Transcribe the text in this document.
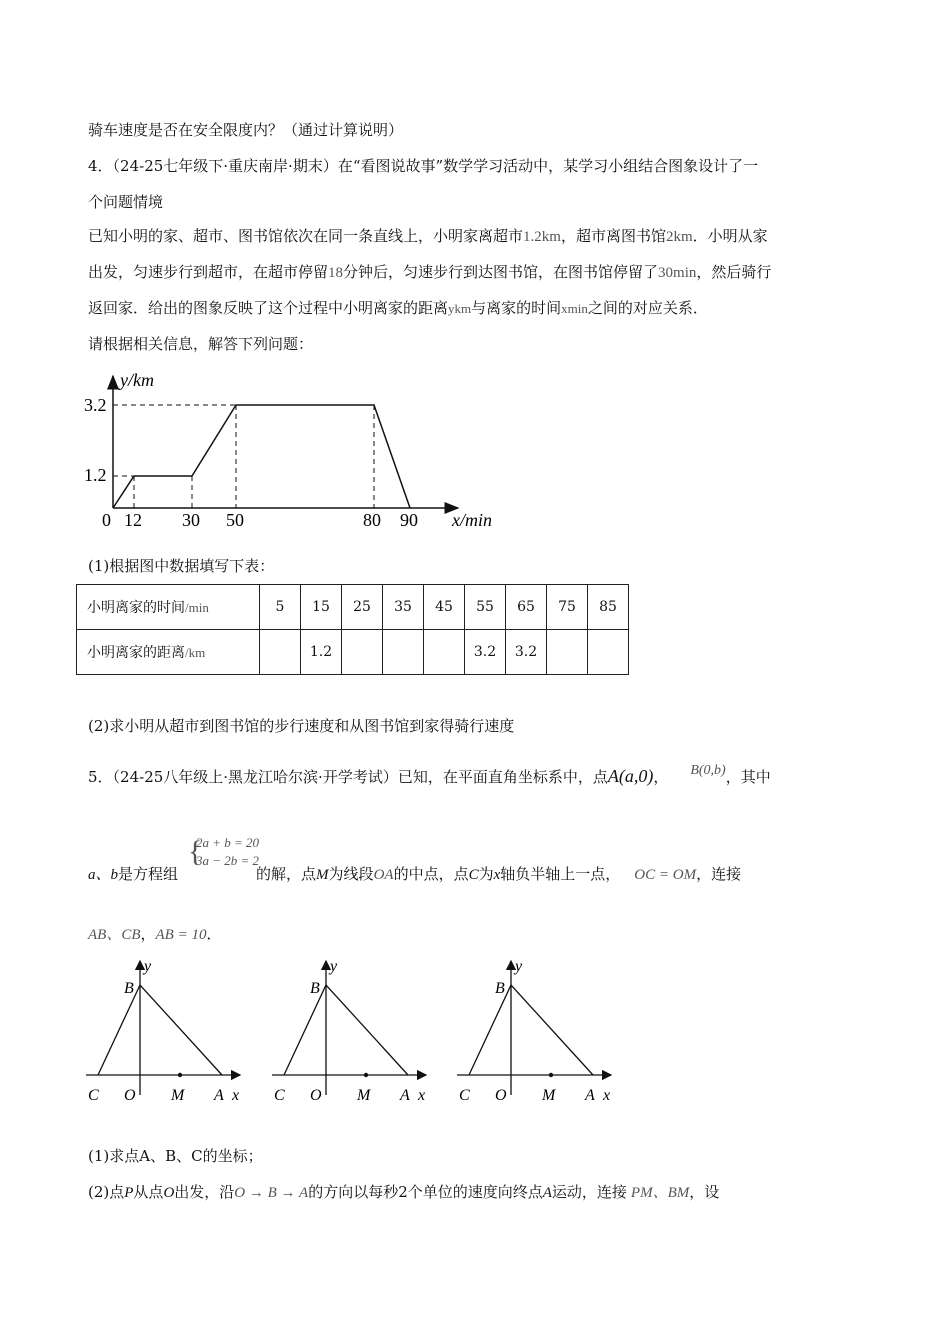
骑车速度是否在安全限度内？（通过计算说明）
4．（24-25七年级下·重庆南岸·期末）在“看图说故事”数学学习活动中，某学习小组结合图象设计了一
个问题情境
已知小明的家、超市、图书馆依次在同一条直线上，小明家离超市1.2km，超市离图书馆2km．小明从家
出发，匀速步行到超市，在超市停留18分钟后，匀速步行到达图书馆，在图书馆停留了30min，然后骑行
返回家．给出的图象反映了这个过程中小明离家的距离ykm与离家的时间xmin之间的对应关系．
请根据相关信息，解答下列问题：
y/km
x/min
3.2
1.2
0 12 30 50	80 90
(1)根据图中数据填写下表：
小明离家的时间/min	5	15	25	35	45	55	65	75	85
小明离家的距离/km		1.2				3.2	3.2		
(2)求小明从超市到图书馆的步行速度和从图书馆到家得骑行速度
5．（24-25八年级上·黑龙江哈尔滨·开学考试）已知，在平面直角坐标系中，点A(a,0)， B(0,b)，其中
{
2a + b = 20
3a − 2b = 2
a、b是方程组	的解，点M为线段OA的中点，点C为x轴负半轴上一点， OC = OM，连接
AB、CB，AB = 10．
y
B
C O M A x
y
B
C O M A x
y
B
C O M A x
(1)求点A、B、C的坐标；
(2)点P从点O出发，沿O → B → A的方向以每秒2个单位的速度向终点A运动，连接 PM、BM，设
